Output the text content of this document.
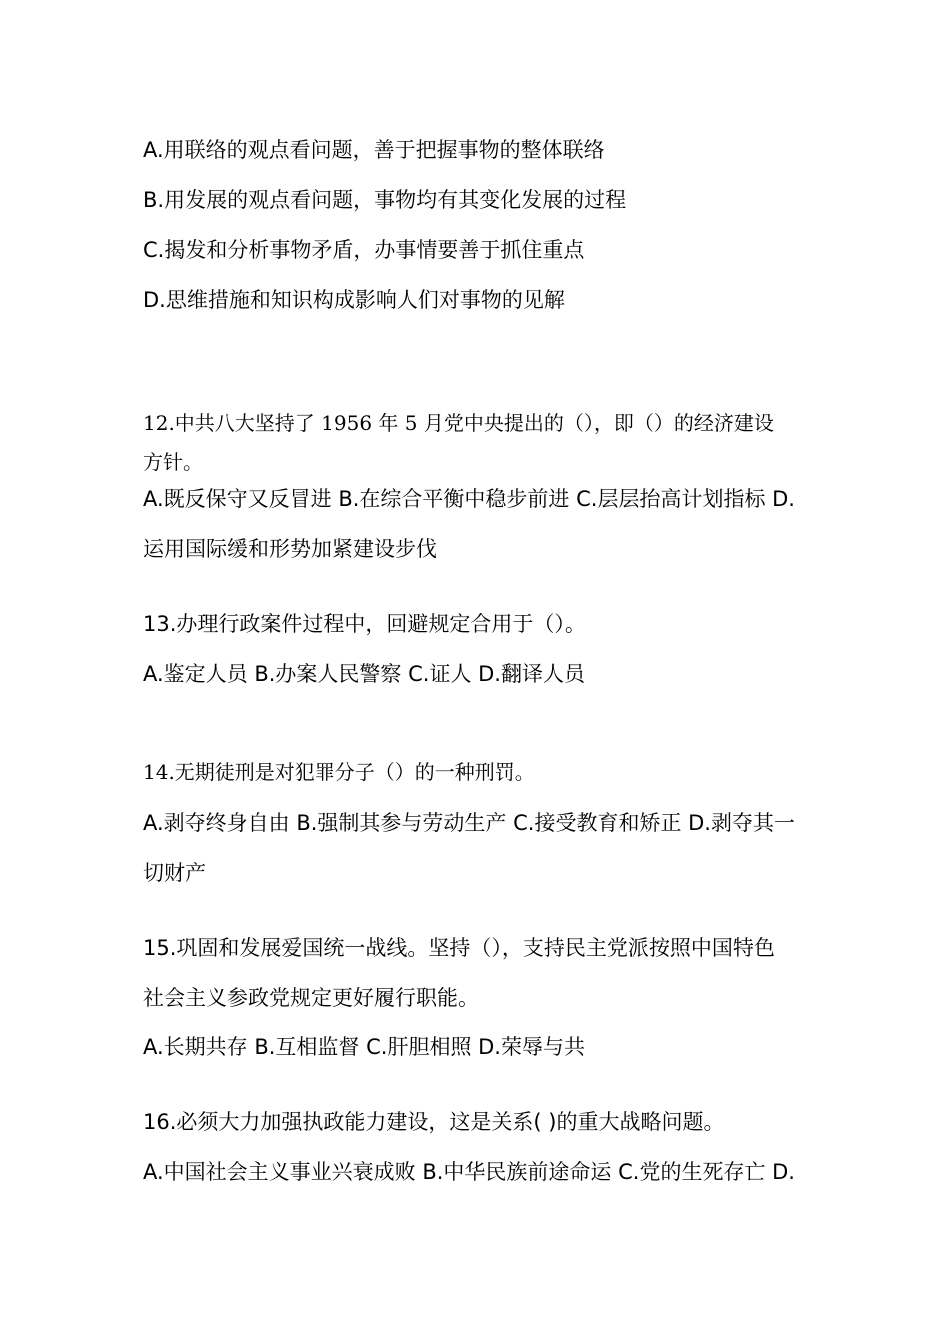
A.用联络的观点看问题，善于把握事物的整体联络
B.用发展的观点看问题，事物均有其变化发展的过程
C.揭发和分析事物矛盾，办事情要善于抓住重点
D.思维措施和知识构成影响人们对事物的见解
12.中共八大坚持了 1956 年 5 月党中央提出的（），即（）的经济建设
方针。
A.既反保守又反冒进 B.在综合平衡中稳步前进 C.层层抬高计划指标 D.
运用国际缓和形势加紧建设步伐
13.办理行政案件过程中，回避规定合用于（）。
A.鉴定人员 B.办案人民警察 C.证人 D.翻译人员
14.无期徒刑是对犯罪分子（）的一种刑罚。
A.剥夺终身自由 B.强制其参与劳动生产 C.接受教育和矫正 D.剥夺其一
切财产
15.巩固和发展爱国统一战线。坚持（），支持民主党派按照中国特色
社会主义参政党规定更好履行职能。
A.长期共存 B.互相监督 C.肝胆相照 D.荣辱与共
16.必须大力加强执政能力建设，这是关系( )的重大战略问题。
A.中国社会主义事业兴衰成败 B.中华民族前途命运 C.党的生死存亡 D.
